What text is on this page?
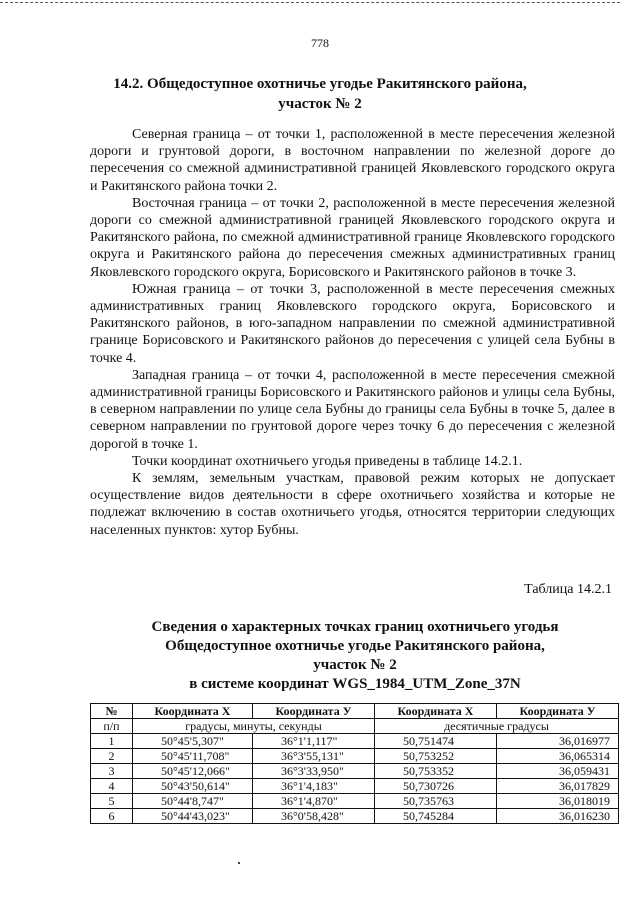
778
14.2. Общедоступное охотничье угодье Ракитянского района,
участок № 2

Северная граница – от точки 1, расположенной в месте пересечения железной дороги и грунтовой дороги, в восточном направлении по железной дороге до пересечения со смежной административной границей Яковлевского городского округа и Ракитянского района точки 2.

Восточная граница – от точки 2, расположенной в месте пересечения железной дороги со смежной административной границей Яковлевского городского округа и Ракитянского района, по смежной административной границе Яковлевского городского округа и Ракитянского района до пересечения смежных административных границ Яковлевского городского округа, Борисовского и Ракитянского районов в точке 3.

Южная граница – от точки 3, расположенной в месте пересечения смежных административных границ Яковлевского городского округа, Борисовского и Ракитянского районов, в юго-западном направлении по смежной административной границе Борисовского и Ракитянского районов до пересечения с улицей села Бубны в точке 4.

Западная граница – от точки 4, расположенной в месте пересечения смежной административной границы Борисовского и Ракитянского районов и улицы села Бубны, в северном направлении по улице села Бубны до границы села Бубны в точке 5, далее в северном направлении по грунтовой дороге через точку 6 до пересечения с железной дорогой в точке 1.

Точки координат охотничьего угодья приведены в таблице 14.2.1.

К землям, земельным участкам, правовой режим которых не допускает осуществление видов деятельности в сфере охотничьего хозяйства и которые не подлежат включению в состав охотничьего угодья, относятся территории следующих населенных пунктов: хутор Бубны.

Таблица 14.2.1
Сведения о характерных точках границ охотничьего угодья
Общедоступное охотничье угодье Ракитянского района,
участок № 2
в системе координат WGS_1984_UTM_Zone_37N
№	Координата X	Координата У	Координата X	Координата У
п/п	градусы, минуты, секунды		десятичные градусы	
1	50°45'5,307"	36°1'1,117"	50,751474	36,016977
2	50°45'11,708"	36°3'55,131"	50,753252	36,065314
3	50°45'12,066"	36°3'33,950"	50,753352	36,059431
4	50°43'50,614"	36°1'4,183"	50,730726	36,017829
5	50°44'8,747"	36°1'4,870"	50,735763	36,018019
6	50°44'43,023"	36°0'58,428"	50,745284	36,016230
